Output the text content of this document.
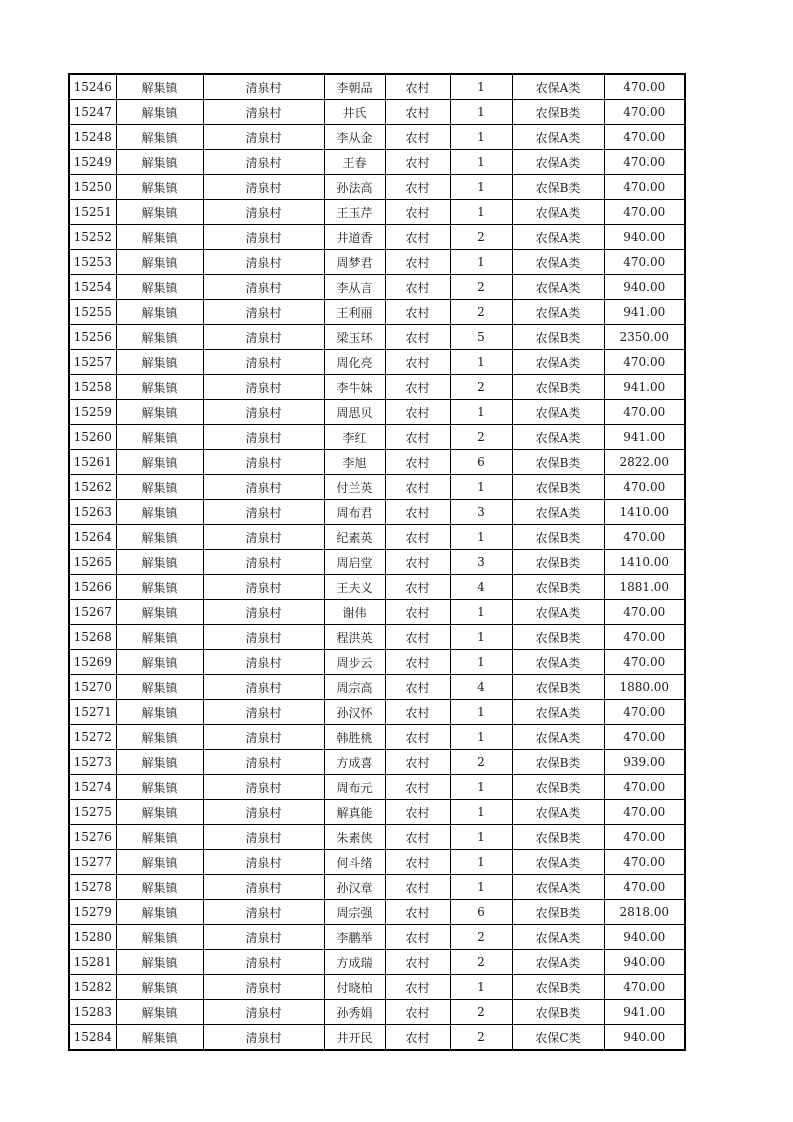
15246	解集镇	清泉村	李朝品	农村	1	农保A类	470.00
15247	解集镇	清泉村	井氏	农村	1	农保B类	470.00
15248	解集镇	清泉村	李从金	农村	1	农保A类	470.00
15249	解集镇	清泉村	王春	农村	1	农保A类	470.00
15250	解集镇	清泉村	孙法高	农村	1	农保B类	470.00
15251	解集镇	清泉村	王玉芹	农村	1	农保A类	470.00
15252	解集镇	清泉村	井道香	农村	2	农保A类	940.00
15253	解集镇	清泉村	周梦君	农村	1	农保A类	470.00
15254	解集镇	清泉村	李从言	农村	2	农保A类	940.00
15255	解集镇	清泉村	王利丽	农村	2	农保A类	941.00
15256	解集镇	清泉村	梁玉环	农村	5	农保B类	2350.00
15257	解集镇	清泉村	周化亮	农村	1	农保A类	470.00
15258	解集镇	清泉村	李牛妹	农村	2	农保B类	941.00
15259	解集镇	清泉村	周思贝	农村	1	农保A类	470.00
15260	解集镇	清泉村	李红	农村	2	农保A类	941.00
15261	解集镇	清泉村	李旭	农村	6	农保B类	2822.00
15262	解集镇	清泉村	付兰英	农村	1	农保B类	470.00
15263	解集镇	清泉村	周布君	农村	3	农保A类	1410.00
15264	解集镇	清泉村	纪素英	农村	1	农保B类	470.00
15265	解集镇	清泉村	周启堂	农村	3	农保B类	1410.00
15266	解集镇	清泉村	王夫义	农村	4	农保B类	1881.00
15267	解集镇	清泉村	谢伟	农村	1	农保A类	470.00
15268	解集镇	清泉村	程洪英	农村	1	农保B类	470.00
15269	解集镇	清泉村	周步云	农村	1	农保A类	470.00
15270	解集镇	清泉村	周宗高	农村	4	农保B类	1880.00
15271	解集镇	清泉村	孙汉怀	农村	1	农保A类	470.00
15272	解集镇	清泉村	韩胜桃	农村	1	农保A类	470.00
15273	解集镇	清泉村	方成喜	农村	2	农保B类	939.00
15274	解集镇	清泉村	周布元	农村	1	农保B类	470.00
15275	解集镇	清泉村	解真能	农村	1	农保A类	470.00
15276	解集镇	清泉村	朱素侠	农村	1	农保B类	470.00
15277	解集镇	清泉村	何斗绪	农村	1	农保A类	470.00
15278	解集镇	清泉村	孙汉章	农村	1	农保A类	470.00
15279	解集镇	清泉村	周宗强	农村	6	农保B类	2818.00
15280	解集镇	清泉村	李鹏举	农村	2	农保A类	940.00
15281	解集镇	清泉村	方成瑞	农村	2	农保A类	940.00
15282	解集镇	清泉村	付晓柏	农村	1	农保B类	470.00
15283	解集镇	清泉村	孙秀娟	农村	2	农保B类	941.00
15284	解集镇	清泉村	井开民	农村	2	农保C类	940.00
